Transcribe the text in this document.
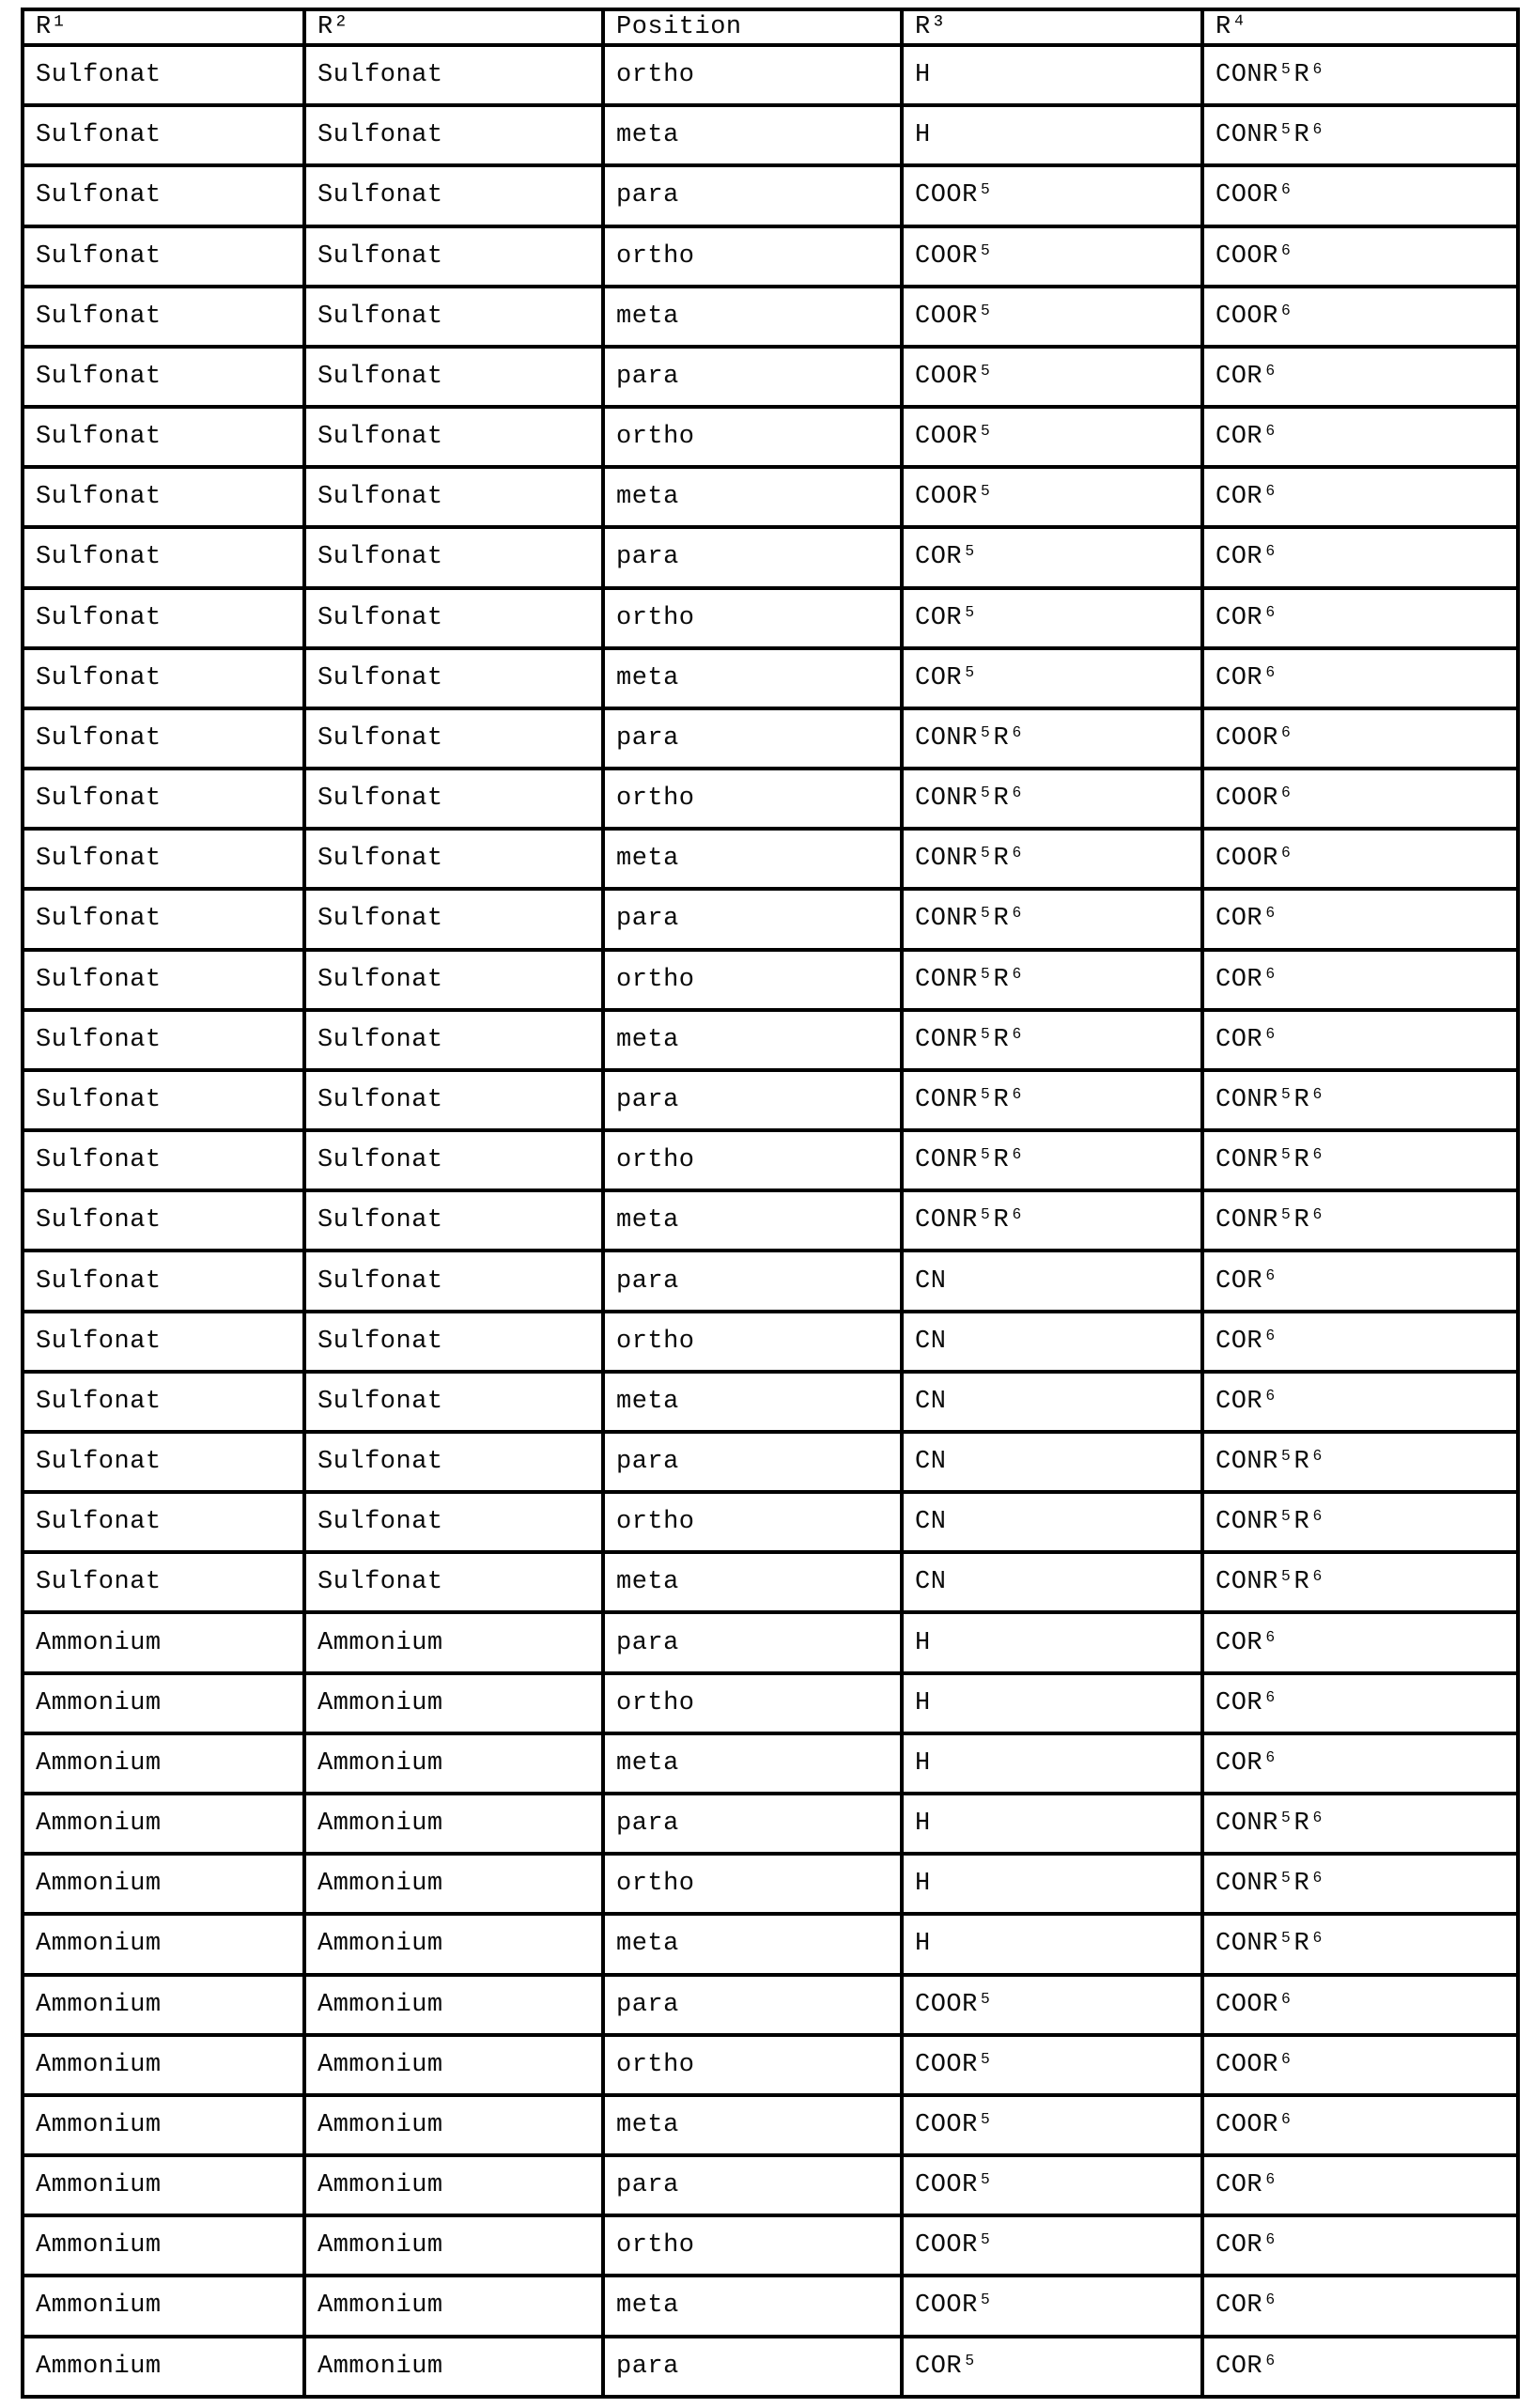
R¹	R²	Position	R³	R⁴
Sulfonat	Sulfonat	ortho	H	CONR⁵R⁶
Sulfonat	Sulfonat	meta	H	CONR⁵R⁶
Sulfonat	Sulfonat	para	COOR⁵	COOR⁶
Sulfonat	Sulfonat	ortho	COOR⁵	COOR⁶
Sulfonat	Sulfonat	meta	COOR⁵	COOR⁶
Sulfonat	Sulfonat	para	COOR⁵	COR⁶
Sulfonat	Sulfonat	ortho	COOR⁵	COR⁶
Sulfonat	Sulfonat	meta	COOR⁵	COR⁶
Sulfonat	Sulfonat	para	COR⁵	COR⁶
Sulfonat	Sulfonat	ortho	COR⁵	COR⁶
Sulfonat	Sulfonat	meta	COR⁵	COR⁶
Sulfonat	Sulfonat	para	CONR⁵R⁶	COOR⁶
Sulfonat	Sulfonat	ortho	CONR⁵R⁶	COOR⁶
Sulfonat	Sulfonat	meta	CONR⁵R⁶	COOR⁶
Sulfonat	Sulfonat	para	CONR⁵R⁶	COR⁶
Sulfonat	Sulfonat	ortho	CONR⁵R⁶	COR⁶
Sulfonat	Sulfonat	meta	CONR⁵R⁶	COR⁶
Sulfonat	Sulfonat	para	CONR⁵R⁶	CONR⁵R⁶
Sulfonat	Sulfonat	ortho	CONR⁵R⁶	CONR⁵R⁶
Sulfonat	Sulfonat	meta	CONR⁵R⁶	CONR⁵R⁶
Sulfonat	Sulfonat	para	CN	COR⁶
Sulfonat	Sulfonat	ortho	CN	COR⁶
Sulfonat	Sulfonat	meta	CN	COR⁶
Sulfonat	Sulfonat	para	CN	CONR⁵R⁶
Sulfonat	Sulfonat	ortho	CN	CONR⁵R⁶
Sulfonat	Sulfonat	meta	CN	CONR⁵R⁶
Ammonium	Ammonium	para	H	COR⁶
Ammonium	Ammonium	ortho	H	COR⁶
Ammonium	Ammonium	meta	H	COR⁶
Ammonium	Ammonium	para	H	CONR⁵R⁶
Ammonium	Ammonium	ortho	H	CONR⁵R⁶
Ammonium	Ammonium	meta	H	CONR⁵R⁶
Ammonium	Ammonium	para	COOR⁵	COOR⁶
Ammonium	Ammonium	ortho	COOR⁵	COOR⁶
Ammonium	Ammonium	meta	COOR⁵	COOR⁶
Ammonium	Ammonium	para	COOR⁵	COR⁶
Ammonium	Ammonium	ortho	COOR⁵	COR⁶
Ammonium	Ammonium	meta	COOR⁵	COR⁶
Ammonium	Ammonium	para	COR⁵	COR⁶
